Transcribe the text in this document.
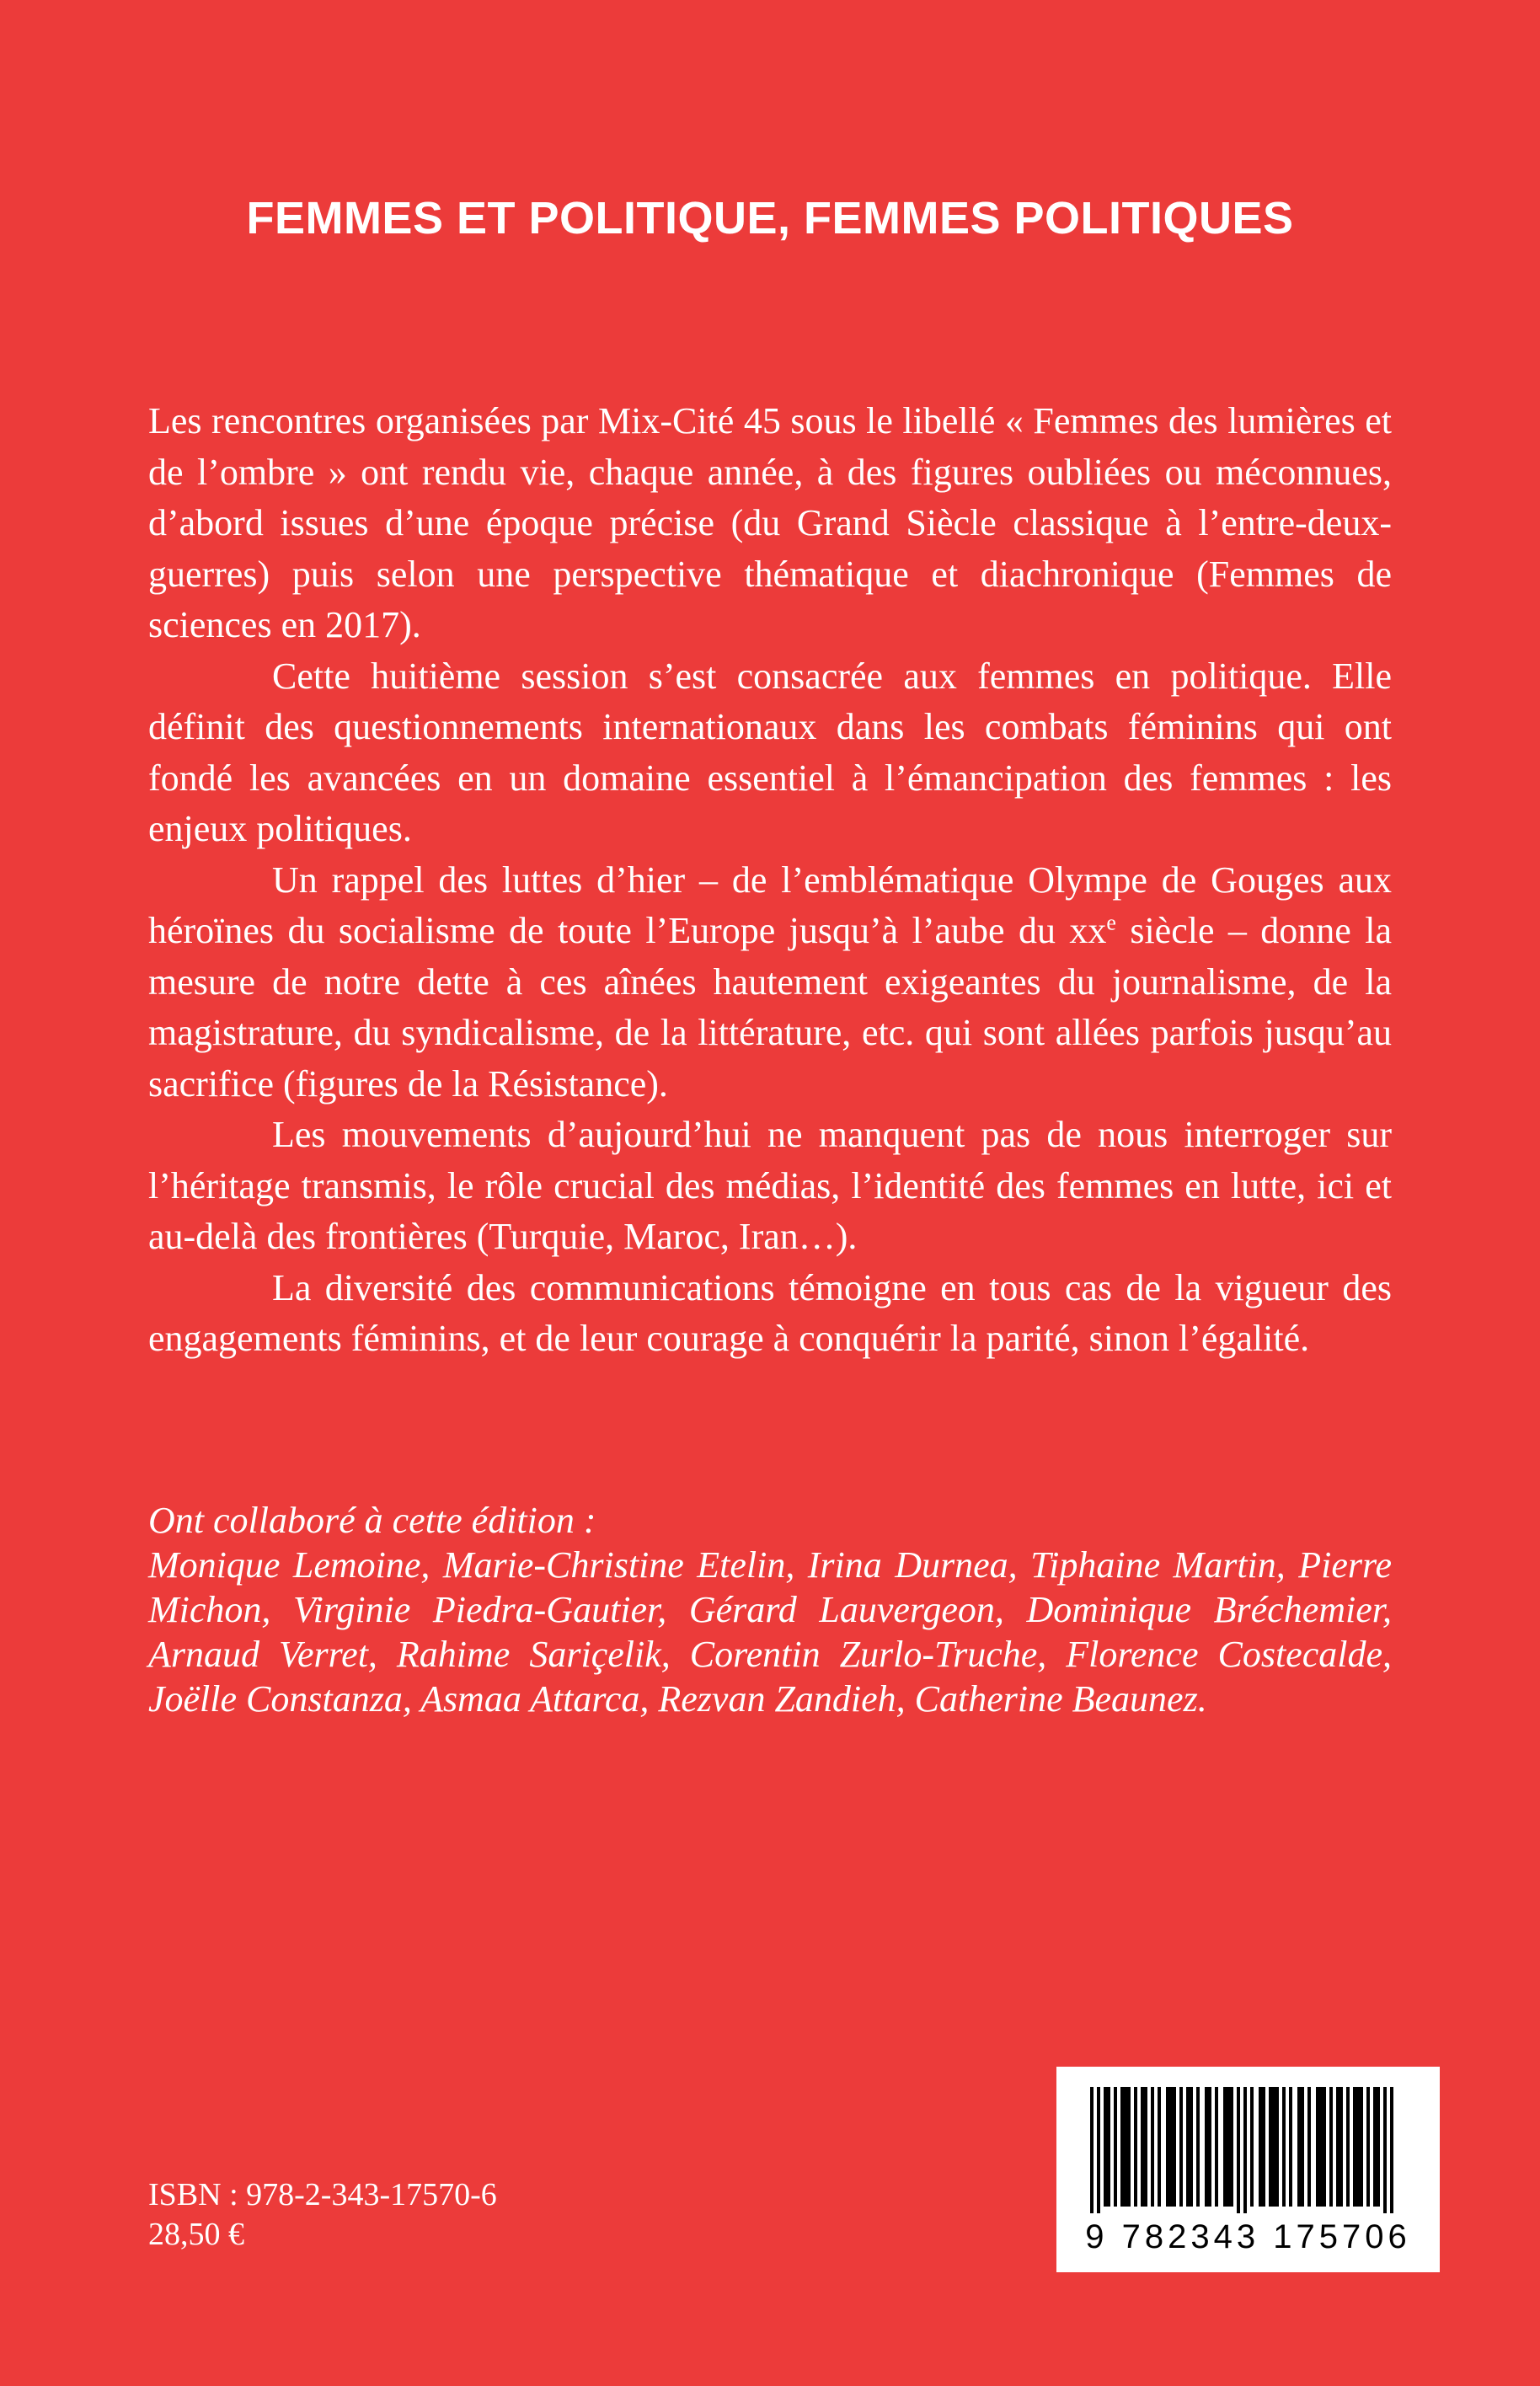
FEMMES ET POLITIQUE, FEMMES POLITIQUES

Les rencontres organisées par Mix-Cité 45 sous le libellé « Femmes des lumières et de l’ombre » ont rendu vie, chaque année, à des figures oubliées ou méconnues, d’abord issues d’une époque précise (du Grand Siècle classique à l’entre-deux-guerres) puis selon une perspective thématique et diachronique (Femmes de sciences en 2017).

Cette huitième session s’est consacrée aux femmes en politique. Elle définit des questionnements internationaux dans les combats féminins qui ont fondé les avancées en un domaine essentiel à l’émancipation des femmes : les enjeux politiques.

Un rappel des luttes d’hier – de l’emblématique Olympe de Gouges aux héroïnes du socialisme de toute l’Europe jusqu’à l’aube du $xx^e$ siècle – donne la mesure de notre dette à ces aînées hautement exigeantes du journalisme, de la magistrature, du syndicalisme, de la littérature, etc. qui sont allées parfois jusqu’au sacrifice (figures de la Résistance).

Les mouvements d’aujourd’hui ne manquent pas de nous interroger sur l’héritage transmis, le rôle crucial des médias, l’identité des femmes en lutte, ici et au-delà des frontières (Turquie, Maroc, Iran…).

La diversité des communications témoigne en tous cas de la vigueur des engagements féminins, et de leur courage à conquérir la parité, sinon l’égalité.

Ont collaboré à cette édition :

Monique Lemoine, Marie-Christine Etelin, Irina Durnea, Tiphaine Martin, Pierre Michon, Virginie Piedra-Gautier, Gérard Lauvergeon, Dominique Bréchemier, Arnaud Verret, Rahime Sariçelik, Corentin Zurlo-Truche, Florence Costecalde, Joëlle Constanza, Asmaa Attarca, Rezvan Zandieh, Catherine Beaunez.

ISBN : 978-2-343-17570-6
28,50 €	9 782343 175706
